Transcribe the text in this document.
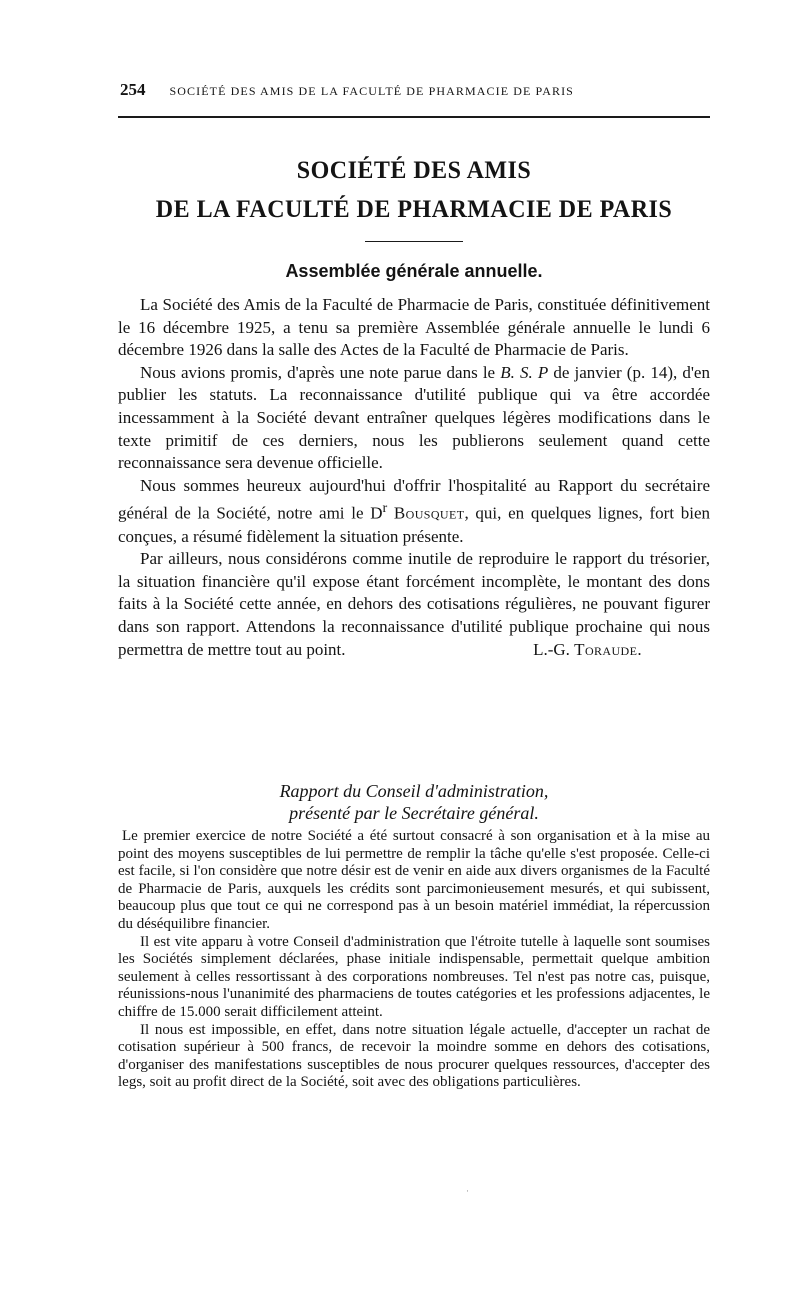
254 SOCIÉTÉ DES AMIS DE LA FACULTÉ DE PHARMACIE DE PARIS
SOCIÉTÉ DES AMIS
DE LA FACULTÉ DE PHARMACIE DE PARIS
Assemblée générale annuelle.

La Société des Amis de la Faculté de Pharmacie de Paris, constituée définitivement le 16 décembre 1925, a tenu sa première Assemblée générale annuelle le lundi 6 décembre 1926 dans la salle des Actes de la Faculté de Pharmacie de Paris.

Nous avions promis, d'après une note parue dans le B. S. P de janvier (p. 14), d'en publier les statuts. La reconnaissance d'utilité publique qui va être accordée incessamment à la Société devant entraîner quelques légères modifications dans le texte primitif de ces derniers, nous les publierons seulement quand cette reconnaissance sera devenue officielle.

Nous sommes heureux aujourd'hui d'offrir l'hospitalité au Rapport du secrétaire général de la Société, notre ami le $D^r$ Bousquet, qui, en quelques lignes, fort bien conçues, a résumé fidèlement la situation présente.

Par ailleurs, nous considérons comme inutile de reproduire le rapport du trésorier, la situation financière qu'il expose étant forcément incomplète, le montant des dons faits à la Société cette année, en dehors des cotisations régulières, ne pouvant figurer dans son rapport. Attendons la reconnaissance d'utilité publique prochaine qui nous permettra de mettre tout au point.	L.-G. Toraude.

Rapport du Conseil d'administration,
présenté par le Secrétaire général.

Le premier exercice de notre Société a été surtout consacré à son organisation et à la mise au point des moyens susceptibles de lui permettre de remplir la tâche qu'elle s'est proposée. Celle-ci est facile, si l'on considère que notre désir est de venir en aide aux divers organismes de la Faculté de Pharmacie de Paris, auxquels les crédits sont parcimonieusement mesurés, et qui subissent, beaucoup plus que tout ce qui ne correspond pas à un besoin matériel immédiat, la répercussion du déséquilibre financier.

Il est vite apparu à votre Conseil d'administration que l'étroite tutelle à laquelle sont soumises les Sociétés simplement déclarées, phase initiale indispensable, permettait quelque ambition seulement à celles ressortissant à des corporations nombreuses. Tel n'est pas notre cas, puisque, réunissions-nous l'unanimité des pharmaciens de toutes catégories et les professions adjacentes, le chiffre de 15.000 serait difficilement atteint.

Il nous est impossible, en effet, dans notre situation légale actuelle, d'accepter un rachat de cotisation supérieur à 500 francs, de recevoir la moindre somme en dehors des cotisations, d'organiser des manifestations susceptibles de nous procurer quelques ressources, d'accepter des legs, soit au profit direct de la Société, soit avec des obligations particulières.

·
